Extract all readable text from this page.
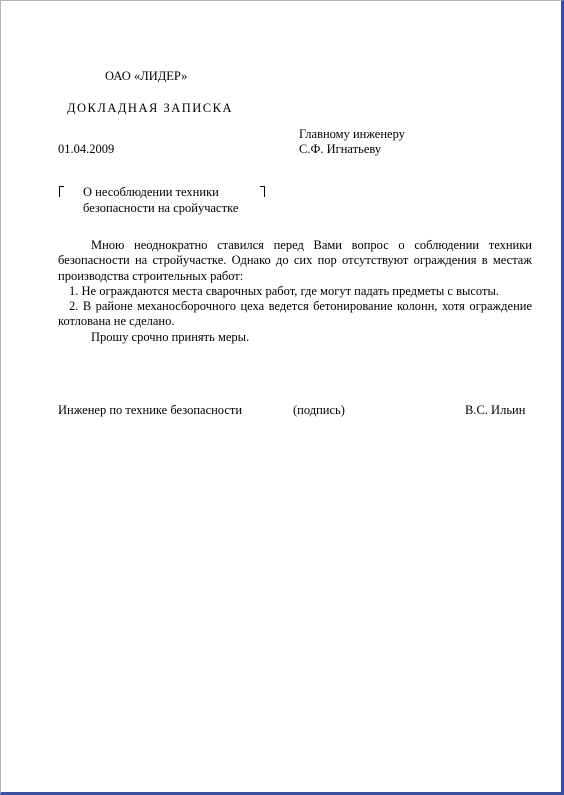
ОАО «ЛИДЕР»
ДОКЛАДНАЯ ЗАПИСКА
Главному инженеру
С.Ф. Игнатьеву
01.04.2009
О несоблюдении техники
безопасности на сройучастке

Мною неоднократно ставился перед Вами вопрос о соблюдении техники безопасности на стройучастке. Однако до сих пор отсутствуют ограждения в местаж производства строительных работ:

1. Не ограждаются места сварочных работ, где могут падать предметы с высоты.

2. В районе механосборочного цеха ведется бетонирование колонн, хотя ограждение котлована не сделано.

Прошу срочно принять меры.

Инженер по технике безопасности	(подпись)	В.С. Ильин
